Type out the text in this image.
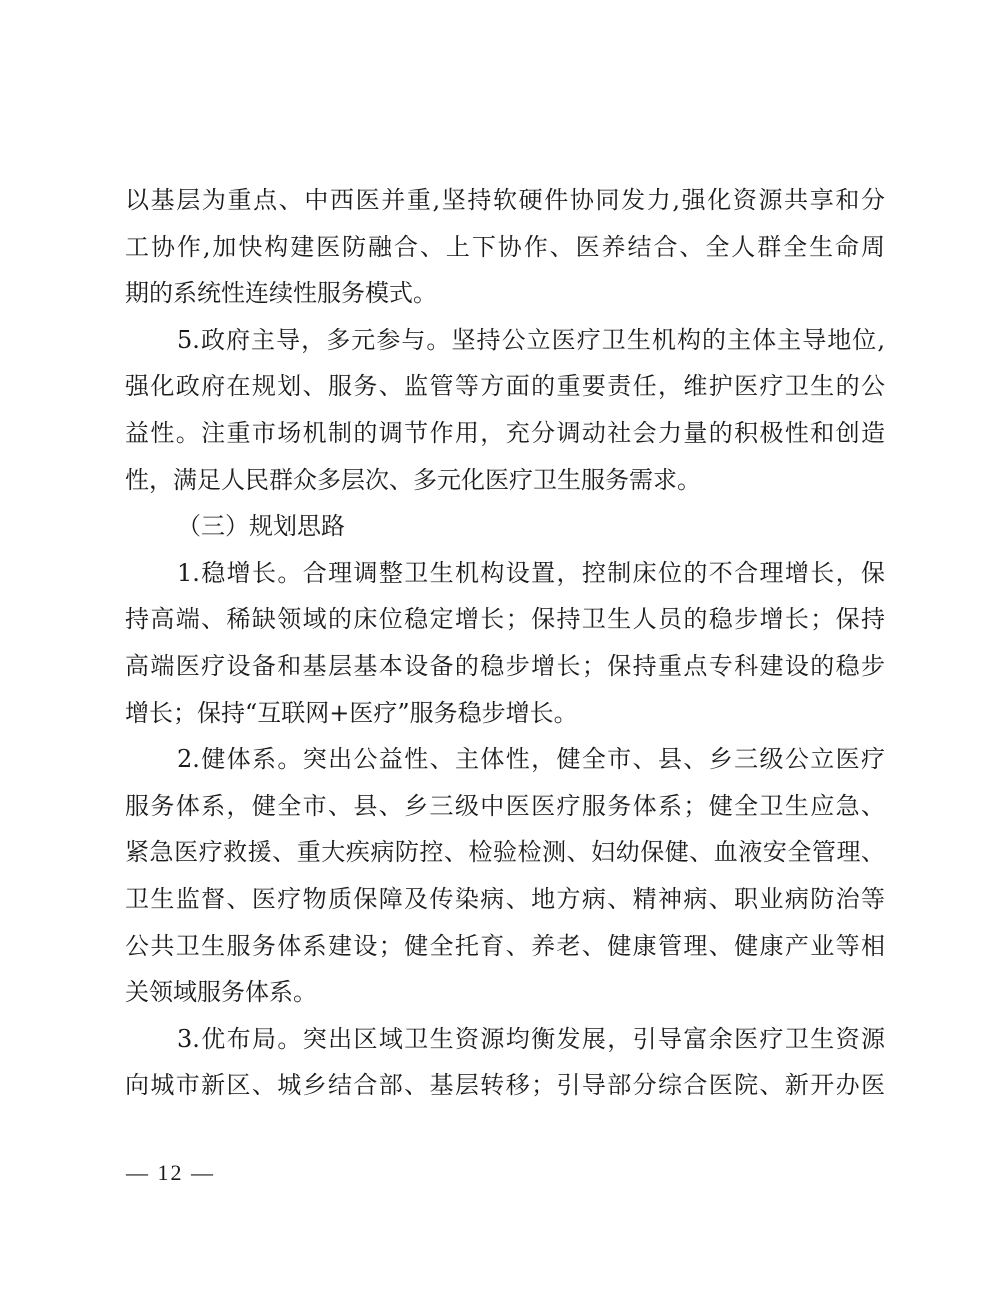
以基层为重点、中西医并重,坚持软硬件协同发力,强化资源共享和分
工协作,加快构建医防融合、上下协作、医养结合、全人群全生命周
期的系统性连续性服务模式。
5.政府主导，多元参与。坚持公立医疗卫生机构的主体主导地位,
强化政府在规划、服务、监管等方面的重要责任，维护医疗卫生的公
益性。注重市场机制的调节作用，充分调动社会力量的积极性和创造
性，满足人民群众多层次、多元化医疗卫生服务需求。
（三）规划思路
1.稳增长。合理调整卫生机构设置，控制床位的不合理增长，保
持高端、稀缺领域的床位稳定增长；保持卫生人员的稳步增长；保持
高端医疗设备和基层基本设备的稳步增长；保持重点专科建设的稳步
增长；保持“互联网+医疗”服务稳步增长。
2.健体系。突出公益性、主体性，健全市、县、乡三级公立医疗
服务体系，健全市、县、乡三级中医医疗服务体系；健全卫生应急、
紧急医疗救援、重大疾病防控、检验检测、妇幼保健、血液安全管理、
卫生监督、医疗物质保障及传染病、地方病、精神病、职业病防治等
公共卫生服务体系建设；健全托育、养老、健康管理、健康产业等相
关领域服务体系。
3.优布局。突出区域卫生资源均衡发展，引导富余医疗卫生资源
向城市新区、城乡结合部、基层转移；引导部分综合医院、新开办医
— 12 —
